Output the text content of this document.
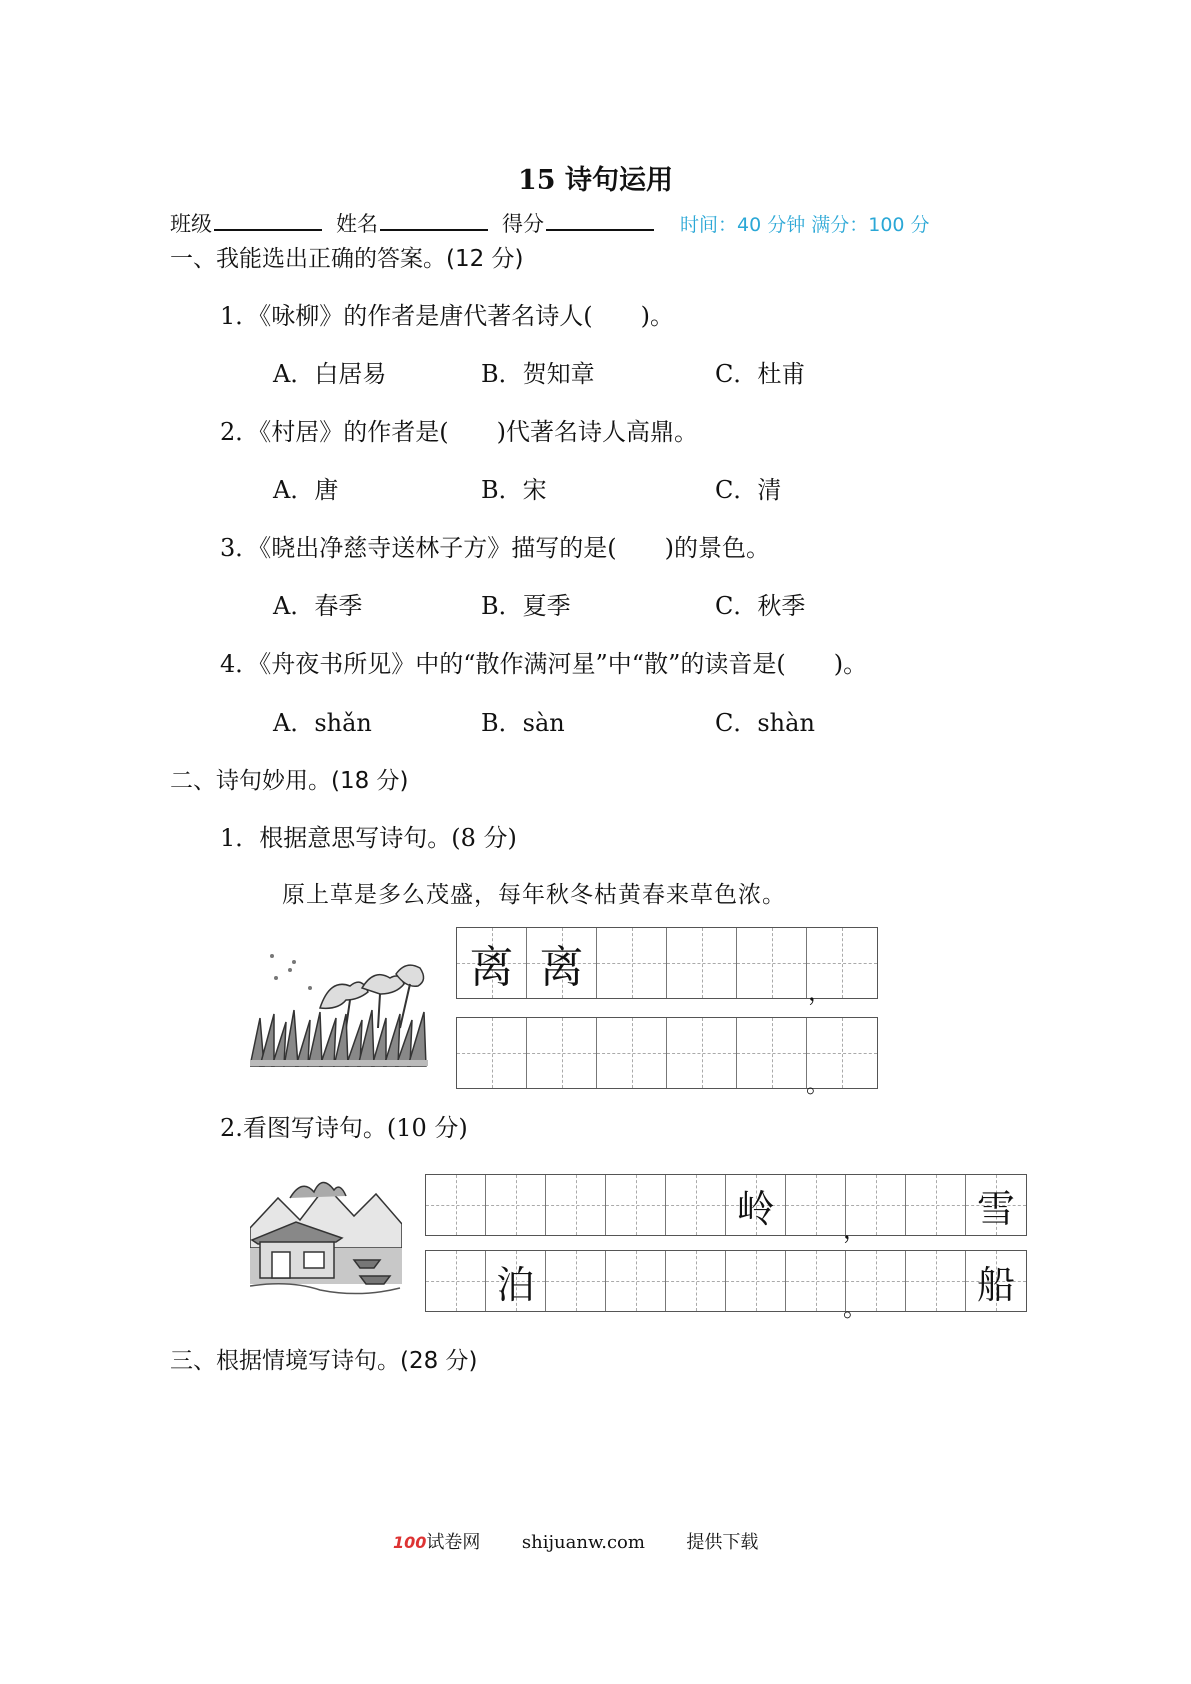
15 诗句运用
班级	姓名	得分	时间：40 分钟 满分：100 分
一、我能选出正确的答案。(12 分)
1．《咏柳》的作者是唐代著名诗人(　　)。
A．白居易	B．贺知章	C．杜甫
2．《村居》的作者是(　　)代著名诗人高鼎。
A．唐	B．宋	C．清
3．《晓出净慈寺送林子方》描写的是(　　)的景色。
A．春季	B．夏季	C．秋季
4．《舟夜书所见》中的“散作满河星”中“散”的读音是(　　)。
A．shǎn	B．sàn	C．shàn
二、诗句妙用。(18 分)
1．根据意思写诗句。(8 分)
原上草是多么茂盛，每年秋冬枯黄春来草色浓。
离 离	，
。
2.看图写诗句。(10 分)
岭	雪
，
泊	船
。
三、根据情境写诗句。(28 分)
100试卷网 shijuanw.com 提供下载
